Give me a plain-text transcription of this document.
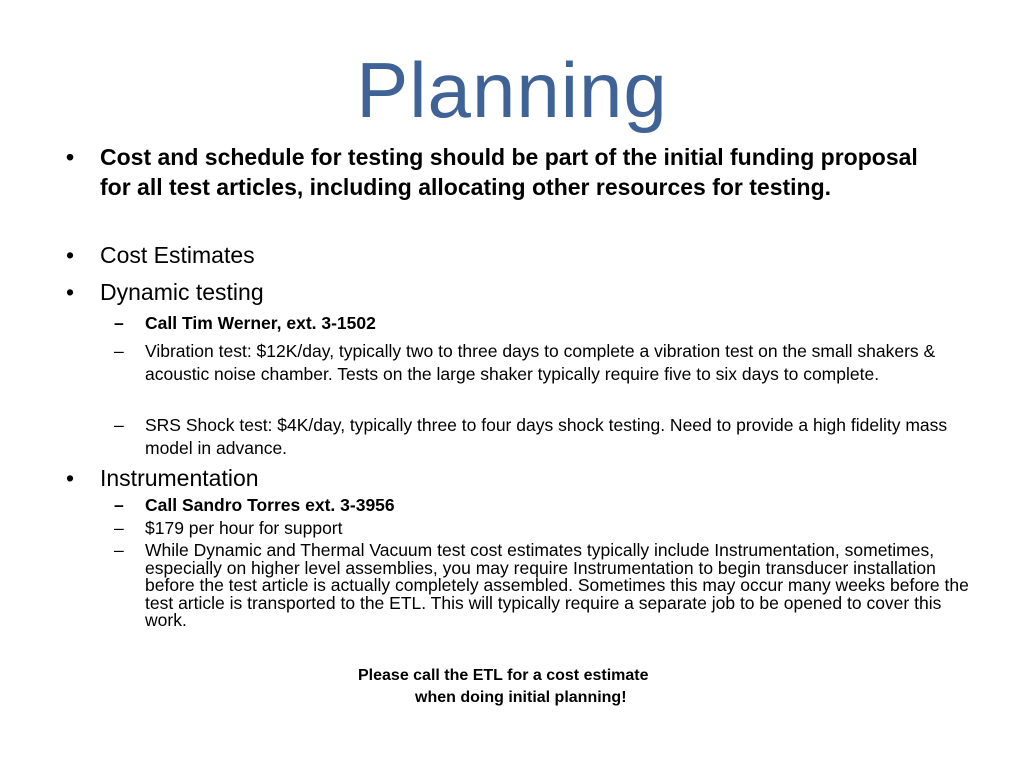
Planning
• Cost and schedule for testing should be part of the initial funding proposal for all test articles, including allocating other resources for testing.
• Cost Estimates
• Dynamic testing
– Call Tim Werner, ext. 3-1502
– Vibration test: $12K/day, typically two to three days to complete a vibration test on the small shakers & acoustic noise chamber. Tests on the large shaker typically require five to six days to complete.
– SRS Shock test: $4K/day, typically three to four days shock testing. Need to provide a high fidelity mass model in advance.
• Instrumentation
– Call Sandro Torres ext. 3-3956
– $179 per hour for support
– While Dynamic and Thermal Vacuum test cost estimates typically include Instrumentation, sometimes, especially on higher level assemblies, you may require Instrumentation to begin transducer installation before the test article is actually completely assembled. Sometimes this may occur many weeks before the test article is transported to the ETL. This will typically require a separate job to be opened to cover this work.
Please call the ETL for a cost estimate
when doing initial planning!
